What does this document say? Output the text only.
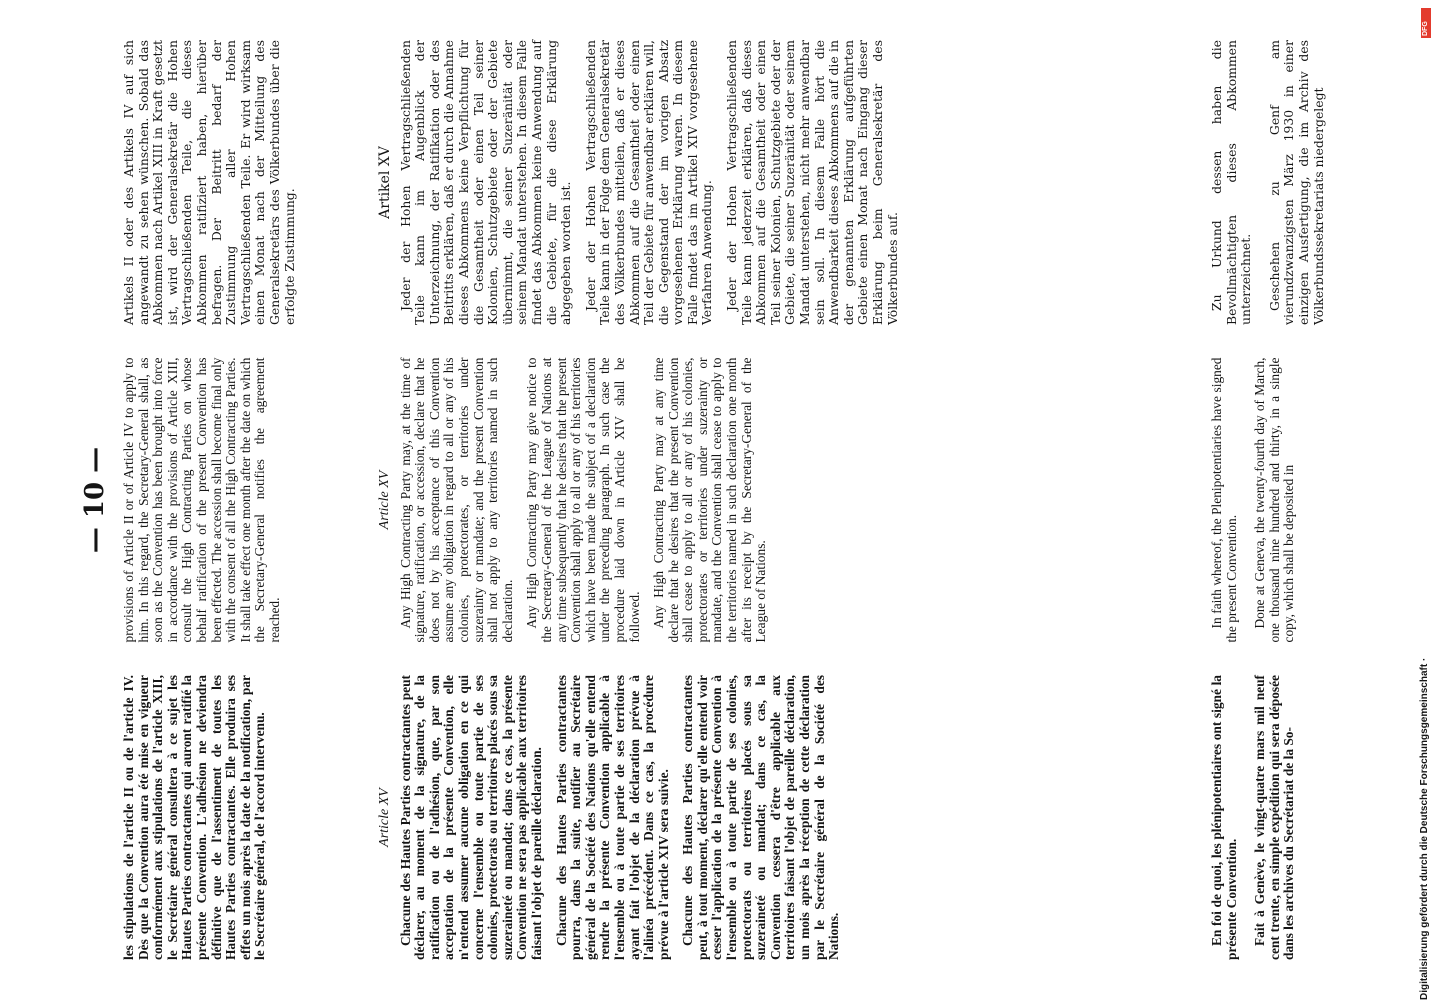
— 10 —

les stipulations de l'article II ou de l'article IV. Dès que la Convention aura été mise en vigueur conformément aux stipulations de l'article XIII, le Secrétaire général consultera à ce sujet les Hautes Parties contractantes qui auront ratifié la présente Convention. L'adhésion ne deviendra définitive que de l'assentiment de toutes les Hautes Parties contractantes. Elle produira ses effets un mois après la date de la notification, par le Secrétaire général, de l'accord intervenu.

provisions of Article II or of Article IV to apply to him. In this regard, the Secretary-General shall, as soon as the Convention has been brought into force in accordance with the provisions of Article XIII, consult the High Contracting Parties on whose behalf ratification of the present Convention has been effected. The accession shall become final only with the consent of all the High Contracting Parties. It shall take effect one month after the date on which the Secretary-General notifies the agreement reached.

Artikels II oder des Artikels IV auf sich angewandt zu sehen wünschen. Sobald das Abkommen nach Artikel XIII in Kraft gesetzt ist, wird der Generalsekretär die Hohen Vertragschließenden Teile, die dieses Abkommen ratifiziert haben, hierüber befragen. Der Beitritt bedarf der Zustimmung aller Hohen Vertragschließenden Teile. Er wird wirksam einen Monat nach der Mitteilung des Generalsekretärs des Völkerbundes über die erfolgte Zustimmung.

Article XV Chacune des Hautes Parties contractantes peut déclarer, au moment de la signature, de la ratification ou de l'adhésion, que, par son acceptation de la présente Convention, elle n'entend assumer aucune obligation en ce qui concerne l'ensemble ou toute partie de ses colonies, protectorats ou territoires placés sous sa suzeraineté ou mandat; dans ce cas, la présente Convention ne sera pas applicable aux territoires faisant l'objet de pareille déclaration. Chacune des Hautes Parties contractantes pourra, dans la suite, notifier au Secrétaire général de la Société des Nations qu'elle entend rendre la présente Convention applicable à l'ensemble ou à toute partie de ses territoires ayant fait l'objet de la déclaration prévue à l'alinéa précédent. Dans ce cas, la procédure prévue à l'article XIV sera suivie. Chacune des Hautes Parties contractantes peut, à tout moment, déclarer qu'elle entend voir cesser l'application de la présente Convention à l'ensemble ou à toute partie de ses colonies, protectorats ou territoires placés sous sa suzeraineté ou mandat; dans ce cas, la Convention cessera d'être applicable aux territoires faisant l'objet de pareille déclaration, un mois après la réception de cette déclaration par le Secrétaire général de la Société des Nations.

Article XV Any High Contracting Party may, at the time of signature, ratification, or accession, declare that he does not by his acceptance of this Convention assume any obligation in regard to all or any of his colonies, protectorates, or territories under suzerainty or mandate; and the present Convention shall not apply to any territories named in such declaration. Any High Contracting Party may give notice to the Secretary-General of the League of Nations at any time subsequently that he desires that the present Convention shall apply to all or any of his territories which have been made the subject of a declaration under the preceding paragraph. In such case the procedure laid down in Article XIV shall be followed. Any High Contracting Party may at any time declare that he desires that the present Convention shall cease to apply to all or any of his colonies, protectorates or territories under suzerainty or mandate, and the Convention shall cease to apply to the territories named in such declaration one month after its receipt by the Secretary-General of the League of Nations.

Artikel XV Jeder der Hohen Vertragschließenden Teile kann im Augenblick der Unterzeichnung, der Ratifikation oder des Beitritts erklären, daß er durch die Annahme dieses Abkommens keine Verpflichtung für die Gesamtheit oder einen Teil seiner Kolonien, Schutzgebiete oder der Gebiete übernimmt, die seiner Suzeränität oder seinem Mandat unterstehen. In diesem Falle findet das Abkommen keine Anwendung auf die Gebiete, für die diese Erklärung abgegeben worden ist. Jeder der Hohen Vertragschließenden Teile kann in der Folge dem Generalsekretär des Völkerbundes mitteilen, daß er dieses Abkommen auf die Gesamtheit oder einen Teil der Gebiete für anwendbar erklären will, die Gegenstand der im vorigen Absatz vorgesehenen Erklärung waren. In diesem Falle findet das im Artikel XIV vorgesehene Verfahren Anwendung. Jeder der Hohen Vertragschließenden Teile kann jederzeit erklären, daß dieses Abkommen auf die Gesamtheit oder einen Teil seiner Kolonien, Schutzgebiete oder der Gebiete, die seiner Suzeränität oder seinem Mandat unterstehen, nicht mehr anwendbar sein soll. In diesem Falle hört die Anwendbarkeit dieses Abkommens auf die in der genannten Erklärung aufgeführten Gebiete einen Monat nach Eingang dieser Erklärung beim Generalsekretär des Völkerbundes auf.

En foi de quoi, les plénipotentiaires ont signé la présente Convention. Fait à Genève, le vingt-quatre mars mil neuf cent trente, en simple expédition qui sera déposée dans les archives du Secrétariat de la So-

In faith whereof, the Plenipotentiaries have signed the present Convention. Done at Geneva, the twenty-fourth day of March, one thousand nine hundred and thirty, in a single copy, which shall be deposited in

Zu Urkund dessen haben die Bevollmächtigten dieses Abkommen unterzeichnet. Geschehen zu Genf am vierundzwanzigsten März 1930 in einer einzigen Ausfertigung, die im Archiv des Völkerbundssekretariats niedergelegt

Digitalisierung gefördert durch die Deutsche Forschungsgemeinschaft ·
DFG
